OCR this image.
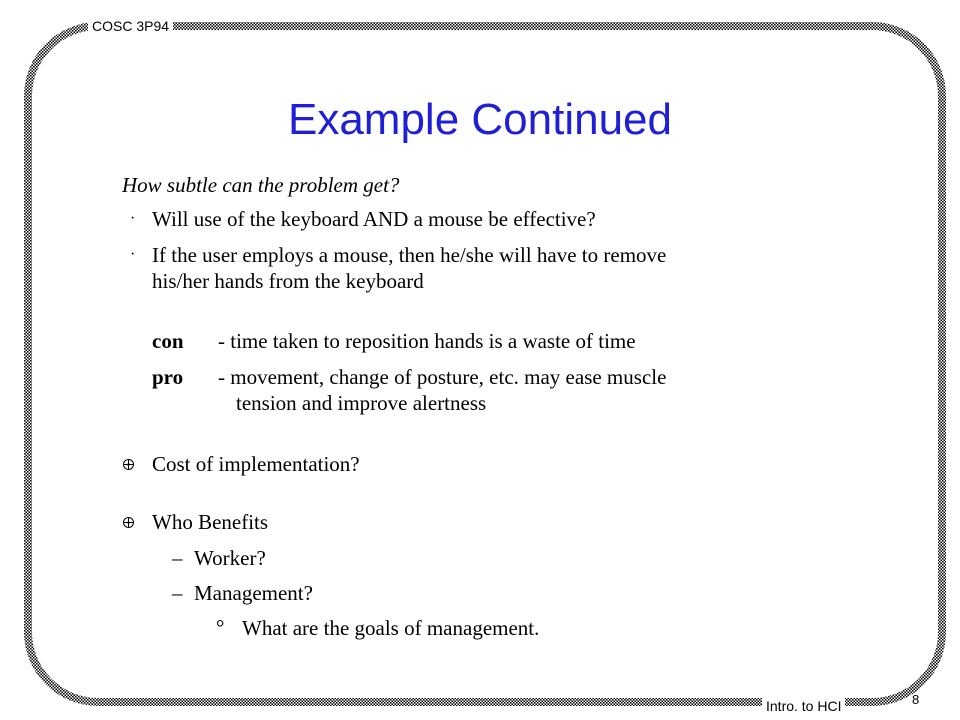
COSC 3P94
Intro. to HCI	8
Example Continued
How subtle can the problem get?
· Will use of the keyboard AND a mouse be effective?
· If the user employs a mouse, then he/she will have to remove
his/her hands from the keyboard
con - time taken to reposition hands is a waste of time
pro - movement, change of posture, etc. may ease muscle
tension and improve alertness
Cost of implementation?
Who Benefits
– Worker?
– Management?
° What are the goals of management.
